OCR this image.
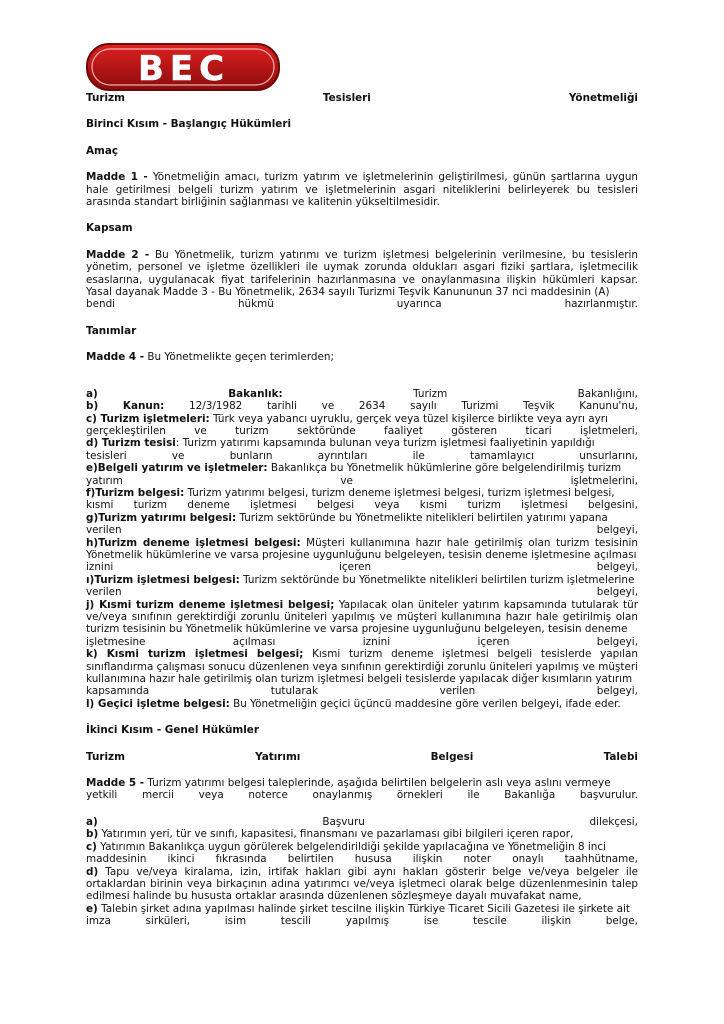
BEC
Turizm	Tesisleri	Yönetmeliği

Birinci Kısım - Başlangıç Hükümleri

Amaç

Madde 1 - Yönetmeliğin amacı, turizm yatırım ve işletmelerinin geliştirilmesi, günün şartlarına uygun hale getirilmesi belgeli turizm yatırım ve işletmelerinin asgari niteliklerini belirleyerek bu tesisleri arasında standart birliğinin sağlanması ve kalitenin yükseltilmesidir.

Kapsam

Madde 2 - Bu Yönetmelik, turizm yatırımı ve turizm işletmesi belgelerinin verilmesine, bu tesislerin yönetim, personel ve işletme özellikleri ile uymak zorunda oldukları asgari fiziki şartlara, işletmecilik esaslarına, uygulanacak fiyat tarifelerinin hazırlanmasına ve onaylanmasına ilişkin hükümleri kapsar. Yasal dayanak Madde 3 - Bu Yönetmelik, 2634 sayılı Turizmi Teşvik Kanununun 37 nci maddesinin (A)

bendi	hükmü	uyarınca	hazırlanmıştır.

Tanımlar

Madde 4 - Bu Yönetmelikte geçen terimlerden;

a)	Bakanlık:	Turizm	Bakanlığını,
b) Kanun: 12/3/1982 tarihli ve 2634 sayılı Turizmi Teşvik Kanunu'nu,

c) Turizm işletmeleri: Türk veya yabancı uyruklu, gerçek veya tüzel kişilerce birlikte veya ayrı ayrı

gerçekleştirilen	ve	turizm	sektöründe	faaliyet	gösteren	ticari	işletmeleri,

d) Turizm tesisi: Turizm yatırımı kapsamında bulunan veya turizm işletmesi faaliyetinin yapıldığı

tesisleri	ve	bunların	ayrıntıları	ile	tamamlayıcı	unsurlarını,

e)Belgeli yatırım ve işletmeler: Bakanlıkça bu Yönetmelik hükümlerine göre belgelendirilmiş turizm

yatırım	ve	işletmelerini,

f)Turizm belgesi: Turizm yatırımı belgesi, turizm deneme işletmesi belgesi, turizm işletmesi belgesi,

kısmi turizm deneme işletmesi belgesi veya kısmi turizm işletmesi belgesini,

g)Turizm yatırımı belgesi: Turizm sektöründe bu Yönetmelikte nitelikleri belirtilen yatırımı yapana

verilen	belgeyi,

h)Turizm deneme işletmesi belgesi: Müşteri kullanımına hazır hale getirilmiş olan turizm tesisinin Yönetmelik hükümlerine ve varsa projesine uygunluğunu belgeleyen, tesisin deneme işletmesine açılması

iznini	içeren	belgeyi,

ı)Turizm işletmesi belgesi: Turizm sektöründe bu Yönetmelikte nitelikleri belirtilen turizm işletmelerine

verilen	belgeyi,

j) Kısmi turizm deneme işletmesi belgesi; Yapılacak olan üniteler yatırım kapsamında tutularak tür ve/veya sınıfının gerektirdiği zorunlu üniteleri yapılmış ve müşteri kullanımına hazır hale getirilmiş olan turizm tesisinin bu Yönetmelik hükümlerine ve varsa projesine uygunluğunu belgeleyen, tesisin deneme

işletmesine	açılması	iznini	içeren	belgeyi,

k) Kısmi turizm işletmesi belgesi; Kısmi turizm deneme işletmesi belgeli tesislerde yapılan sınıflandırma çalışması sonucu düzenlenen veya sınıfının gerektirdiği zorunlu üniteleri yapılmış ve müşteri kullanımına hazır hale getirilmiş olan turizm işletmesi belgeli tesislerde yapılacak diğer kısımların yatırım

kapsamında	tutularak	verilen	belgeyi,

l) Geçici işletme belgesi: Bu Yönetmeliğin geçici üçüncü maddesine göre verilen belgeyi, ifade eder.

İkinci Kısım - Genel Hükümler

Turizm	Yatırımı	Belgesi	Talebi

Madde 5 - Turizm yatırımı belgesi taleplerinde, aşağıda belirtilen belgelerin aslı veya aslını vermeye

yetkili mercii veya noterce onaylanmış örnekleri ile Bakanlığa başvurulur.
a)	Başvuru	dilekçesi,

b) Yatırımın yeri, tür ve sınıfı, kapasitesi, finansmanı ve pazarlaması gibi bilgileri içeren rapor,

c) Yatırımın Bakanlıkça uygun görülerek belgelendirildiği şekilde yapılacağına ve Yönetmeliğin 8 inci

maddesinin ikinci fıkrasında belirtilen hususa ilişkin noter onaylı taahhütname,

d) Tapu ve/veya kiralama, izin, irtifak hakları gibi aynı hakları gösterir belge ve/veya belgeler ile ortaklardan birinin veya birkaçının adına yatırımcı ve/veya işletmeci olarak belge düzenlenmesinin talep edilmesi halinde bu hususta ortaklar arasında düzenlenen sözleşmeye dayalı muvafakat name,

e) Talebin şirket adına yapılması halinde şirket tescilne ilişkin Türkiye Ticaret Sicili Gazetesi ile şirkete ait

imza	sirküleri,	isim	tescili	yapılmış	ise	tescile	ilişkin	belge,
